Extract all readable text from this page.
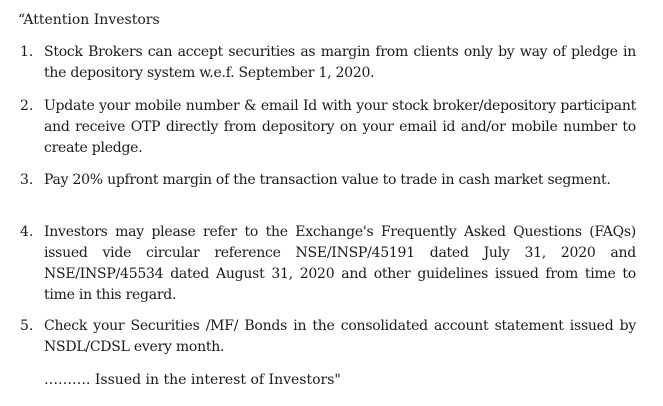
“Attention Investors
1. Stock Brokers can accept securities as margin from clients only by way of pledge in the depository system w.e.f. September 1, 2020.
2. Update your mobile number & email Id with your stock broker/depository participant and receive OTP directly from depository on your email id and/or mobile number to create pledge.
3. Pay 20% upfront margin of the transaction value to trade in cash market segment.
4. Investors may please refer to the Exchange's Frequently Asked Questions (FAQs) issued vide circular reference NSE/INSP/45191 dated July 31, 2020 and NSE/INSP/45534 dated August 31, 2020 and other guidelines issued from time to time in this regard.
5. Check your Securities /MF/ Bonds in the consolidated account statement issued by NSDL/CDSL every month.
………. Issued in the interest of Investors"
